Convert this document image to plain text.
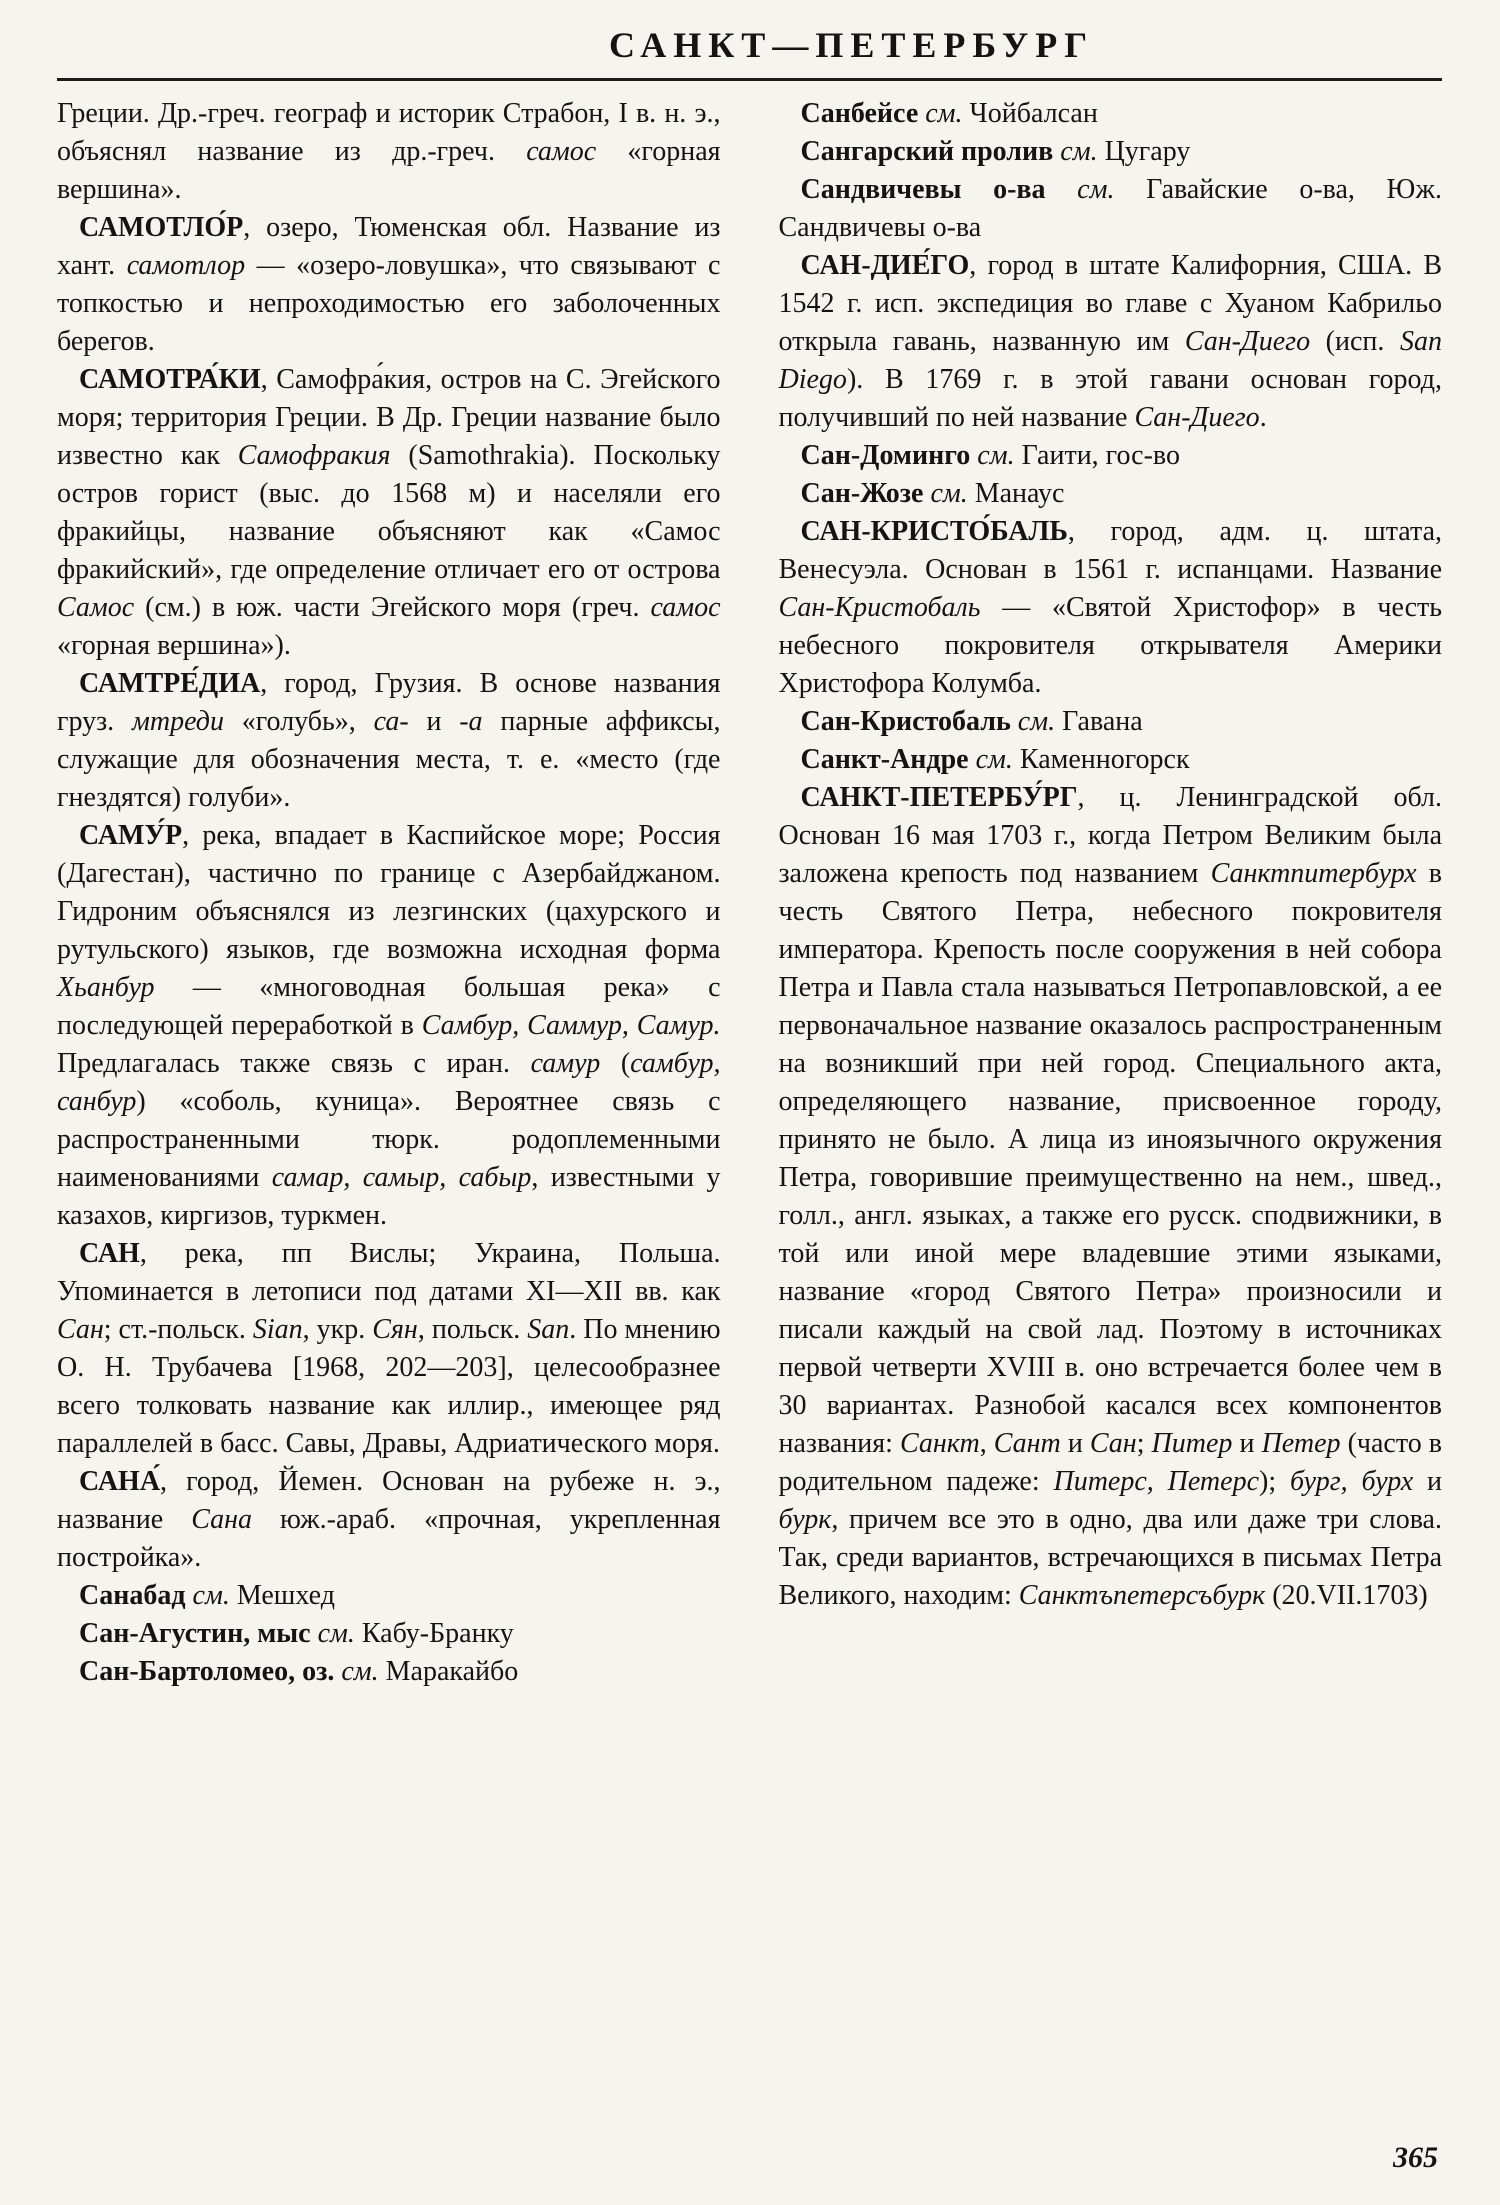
САНКТ—ПЕТЕРБУРГ

Греции. Др.-греч. географ и историк Страбон, I в. н. э., объяснял название из др.-греч. самос «горная вершина».

САМОТЛО́Р, озеро, Тюменская обл. Название из хант. самотлор — «озеро-ловушка», что связывают с топкостью и непроходимостью его заболоченных берегов.

САМОТРА́КИ, Самофра́кия, остров на С. Эгейского моря; территория Греции. В Др. Греции название было известно как Самофракия (Samothrakia). Поскольку остров горист (выс. до 1568 м) и населяли его фракийцы, название объясняют как «Самос фракийский», где определение отличает его от острова Самос (см.) в юж. части Эгейского моря (греч. самос «горная вершина»).

САМТРЕ́ДИА, город, Грузия. В основе названия груз. мтреди «голубь», са- и -а парные аффиксы, служащие для обозначения места, т. е. «место (где гнездятся) голуби».

САМУ́Р, река, впадает в Каспийское море; Россия (Дагестан), частично по границе с Азербайджаном. Гидроним объяснялся из лезгинских (цахурского и рутульского) языков, где возможна исходная форма Хьанбур — «многоводная большая река» с последующей переработкой в Самбур, Саммур, Самур. Предлагалась также связь с иран. самур (самбур, санбур) «соболь, куница». Вероятнее связь с распространенными тюрк. родоплеменными наименованиями самар, самыр, сабыр, известными у казахов, киргизов, туркмен.

САН, река, пп Вислы; Украина, Польша. Упоминается в летописи под датами XI—XII вв. как Сан; ст.-польск. Sian, укр. Сян, польск. San. По мнению О. Н. Трубачева [1968, 202—203], целесообразнее всего толковать название как иллир., имеющее ряд параллелей в басс. Савы, Дравы, Адриатического моря.

САНА́, город, Йемен. Основан на рубеже н. э., название Сана юж.-араб. «прочная, укрепленная постройка».

Санабад см. Мешхед

Сан-Агустин, мыс см. Кабу-Бранку

Сан-Бартоломео, оз. см. Маракайбо

Санбейсе см. Чойбалсан

Сангарский пролив см. Цугару

Сандвичевы о-ва см. Гавайские о-ва, Юж. Сандвичевы о-ва

САН-ДИЕ́ГО, город в штате Калифорния, США. В 1542 г. исп. экспедиция во главе с Хуаном Кабрильо открыла гавань, названную им Сан-Диего (исп. San Diego). В 1769 г. в этой гавани основан город, получивший по ней название Сан-Диего.

Сан-Доминго см. Гаити, гос-во

Сан-Жозе см. Манаус

САН-КРИСТО́БАЛЬ, город, адм. ц. штата, Венесуэла. Основан в 1561 г. испанцами. Название Сан-Кристобаль — «Святой Христофор» в честь небесного покровителя открывателя Америки Христофора Колумба.

Сан-Кристобаль см. Гавана

Санкт-Андре см. Каменногорск

САНКТ-ПЕТЕРБУ́РГ, ц. Ленинградской обл. Основан 16 мая 1703 г., когда Петром Великим была заложена крепость под названием Санктпитербурх в честь Святого Петра, небесного покровителя императора. Крепость после сооружения в ней собора Петра и Павла стала называться Петропавловской, а ее первоначальное название оказалось распространенным на возникший при ней город. Специального акта, определяющего название, присвоенное городу, принято не было. А лица из иноязычного окружения Петра, говорившие преимущественно на нем., швед., голл., англ. языках, а также его русск. сподвижники, в той или иной мере владевшие этими языками, название «город Святого Петра» произносили и писали каждый на свой лад. Поэтому в источниках первой четверти XVIII в. оно встречается более чем в 30 вариантах. Разнобой касался всех компонентов названия: Санкт, Сант и Сан; Питер и Петер (часто в родительном падеже: Питерс, Петерс); бург, бурх и бурк, причем все это в одно, два или даже три слова. Так, среди вариантов, встречающихся в письмах Петра Великого, находим: Санктъпетерсъбурк (20.VII.1703)

365
